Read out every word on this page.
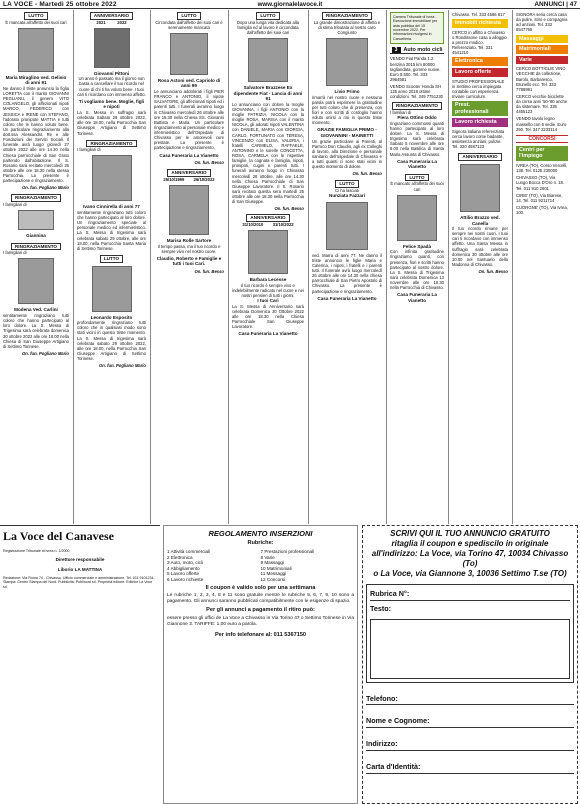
LA VOCE - Martedì 25 ottobre 2022	www.giornalelavoce.it	ANNUNCI | 47
LUTTO
È mancata all'affetto dei suoi cari
Maria Miraglino ved. Gelisio di anni 91
Ne danno il triste annuncio la figlia LORETTA con il marito GIOVANNI PEGLIANU, il genero VITO COLANGELO, gli affezionati nipoti MARCO, FEDERICO con JESSICA e IRENE con STEFANO, l'adorato pronipote MATTIA e tutti coloro che le hanno voluto bene. Un particolare ringraziamento alla dott.ssa Alessandra Re e alle Fondazioni dei Servizi Sociali. Il funerale avrà luogo giovedì 27 ottobre 2022 alle ore 14.30 nella Chiesa parrocchiale di San Grato partendo dall'abitazione. Il S. Rosario sarà recitato mercoledì 26 ottobre alle ore 18.30 nella stessa Parrocchia. La presente è partecipazione e ringraziamento.
On. fun. Pogliano Mario
RINGRAZIAMENTO
I famigliari di
Giannina
RINGRAZIAMENTO
I famigliari di
Modena Ved. Carlini
sentitamente ringraziano tutti coloro che hanno partecipato al loro dolore. La S. Messa di Trigesima sarà celebrata domenica 30 ottobre 2022 alle ore 18.00 nella Chiesa di San Giuseppe Artigiano di Settimo Torinese.
On. fun. Pogliano Mario
ANNIVERSARIO
2021          2022
Giovanni Pittoni
Un anno è passato ma il giorno non basta a cancellare il tuo ricordo nel cuore di chi ti ha voluto bene. I tuoi cari ti ricordano con immenso affetto.
Ti vogliamo bene. Moglie, figli e nipoti
La S. Messa in suffragio sarà celebrata Sabato 29 ottobre 2022, alle ore 18.00, nella Parrocchia San Giuseppe Artigiano di Settimo Torinese.
RINGRAZIAMENTO
I famigliari di
Ivano Cinnirella di anni 77
sentitamente ringraziano tutti coloro che hanno partecipato al loro dolore. Un ringraziamento speciale al personale medico ed infermieristico. La S. Messa di trigesima sarà celebrata sabato 29 ottobre, alle ore 18.00, nella Parrocchia Santa Maria di Settimo Torinese.
LUTTO
Leonardo Esposito
profondamente ringraziano tutti coloro che in qualsiasi modo sono stati vicini in questo triste momento. La S. Messa di trigesima sarà celebrata sabato 29 ottobre 2022, alle ore 18.00, nella Parrocchia San Giuseppe Artigiano di Settimo Torinese.
On. fun. Pogliano Mario
LUTTO
Circondata dall'affetto dei suoi cari è serenamente mancata
Rosa Actoni ved. Capriolo di anni 99
Le annunciano addolorati i figli PIER FRANCO e ANTONIO, il nipote SALVATORE, gli affezionati nipoti ed i parenti tutti. I funerali avranno luogo in Chivasso mercoledì 26 ottobre alle ore 15.30 nella Chiesa SS. Giovanni Battista e Maria. Un particolare ringraziamento al personale medico e infermieristico dell'Ospedale di Chivasso per le amorevoli cure prestate. La presente è partecipazione e ringraziamento.
Casa Funeraria La Vianetto
On. fun. Besso
ANNIVERSARIO
26/10/1999        26/10/2022
Marisa Rolle Sartore
Il tempo passa, ma il tuo ricordo e sempre vivo nel nostro cuore.
Claudio, Roberto e Famiglie e tutti i tuoi Cari.
On. fun. Besso
LUTTO
Dopo una lunga vita dedicata alla famiglia ed al lavoro è circondata dall'affetto dei suoi cari
Salvatore Brazzese Ex dipendente Fiat - Lancia di anni 91
Lo annunciano con dolore la moglie GIOVANNA, i figli ANTONIO con la moglie PATRIZIA, NICOLA con la moglie ROSA, MARISA con il marito NICOLA, gli adorati nipoti VALENTINA con DANIELE, MARIA con GIORGIA, CARLO, FORTUNATO con TERESA, VINCENZO con ELISA, VALERIA, i fratelli CARMELO, RAFFAELE, ANTONINO e le sorelle CONCETTA, ROSA, CARMELA con le rispettive famiglie, la cognata e famiglia, nipoti, pronipoti, cugini e parenti tutti. I funerali avranno luogo in Chivasso mercoledì 26 ottobre, alle ore 14.30 nella Chiesa Parrocchiale di San Giuseppe Lavoratore. Il S. Rosario sarà recitato questa sera martedì 25 ottobre alle ore 18.30 nella Parrocchia di San Giuseppe.
On. fun. Besso
ANNIVERSARIO
31/10/2010        31/10/2022
Barbara Lecesse
Il tuo ricordo è sempre vivo e indelebilmente radicato nel cuore e nei nostri pensieri di tutti i giorni.
I tuoi Cari
La S. Messa di Anniversario sarà celebrata Domenica 30 Ottobre 2022 alle ore 18.30 nella Chiesa Parrocchiale San Giuseppe Lavoratore.
Casa Funeraria La Vianetto
RINGRAZIAMENTO
La grande dimostrazione di affetto e di stima tributata al nostro caro Congiunto
Livio Primo
rimarrà nel nostro cuore e nessuna parola potrà esprimere la gratitudine per tutti coloro che di presenza, con fiori e con scritti di cordoglio hanno voluto unirsi a noi in questo triste momento.
GRAZIE FAMIGLIA PRIMO - GIOVANNINI - MAINETTI
Un grazie particolare ai Parenti, al Parroco Don Claudio, agli ex Colleghi di lavoro, alla Direzione e personale sanitario dell'ospedale di Chivasso e a tutti quanti ci sono stati vicini in questo momento di dolore.
On. fun. Besso
LUTTO
Ci ha lasciati
Nunziata Fazzari
ved. Marra di anni 77. Ne danno il triste annuncio le figlie Maria e Caterina, i nipoti, i fratelli e i parenti tutti. Il funerale avrà luogo mercoledì 26 ottobre alle ore 14.30 nella chiesa parrocchiale di San Pietro Apostolo di Chivasso. La presente è partecipazione e ringraziamento.
Casa Funeraria La Vianetto
Camera Tribunale di Ivrea - Esecuzione immobiliare per asta pubblica del 15 novembre 2022. Per informazioni rivolgersi in Cancelleria.
3 Auto moto cicli
VENDO Fiat Panda 1.2 benzina 2015 km 80000 tagliandata, gomme nuove. Euro 5.500. Tel. 333 2964581
VENDO Scooter Honda SH 125 anno 2018 ottime condizioni. Tel. 349 7751230
RINGRAZIAMENTO
I familiari di
Piera Ottino Oddo
ringraziano commossi quanti hanno partecipato al loro dolore. La S. Messa di trigesima sarà celebrata Sabato 5 novembre alle ore 9.00 nella Basilica di Santa Maria Assunta di Chivasso.
Casa Funeraria La Vianetto
LUTTO
È mancato all'affetto dei suoi cari
Felice Spadà
Con infinita gratitudine ringraziamo quanti, con presenza, fiori e scritti hanno partecipato al nostro dolore. La S. Messa di Trigesima sarà celebrata Domenica 13 novembre alle ore 10.30 nella Parrocchia di Chivasso.
Casa Funeraria La Vianetto
Chivasso. Tel. 333 4566 817
Immobili richiesta
CERCO in affitto a Chivasso o Rondissone casa o alloggio a prezzo modico. Referenziato. Tel. 331 4541210
Elettronica
Lavoro offerte
STUDIO PROFESSIONALE in Settimo cerca impiegata contabile con esperienza. Inviare curriculum.
Prest. professionali
Lavoro richiesta
Signora italiana referenziata cerca lavoro come badante, assistenza anziani, pulizie. Tel. 320 4587123
ANNIVERSARIO
Attilio Brazzo ved. Canella
Il tuo ricordo rimane per sempre nei nostri cuori. I tuoi cari ti ricordano con immenso affetto. Una Santa Messa in suffragio sarà celebrata domenica 30 ottobre alle ore 10.00 nel Santuario della Madonna di Chivasso.
On. fun. Besso
SIGNORA seria cerca casa da pulire, stiro e compagnia ad anziani. Tel. 333 6547765
Massaggi
Matrimoniali
Varie
CERCO BOTTIGLIE VINO VECCHIE da collezione, Barolo, Barbaresco, Brunello ecc. Tel. 333 7788991
CERCO vecchie biciclette da corsa anni '50-'80 anche da sistemare. Tel. 335 4455123
VENDO tavolo legno massello con 6 sedie. Euro 250. Tel. 347 2233114
CONCORSI
Centri per l'impiego
IVREA (TO), Corso Vercelli, 138. Tel. 0125 230000
CHIVASSO (TO), Via Lungo Bocca D'Oro n. 18. Tel. 011 910 2601
CIRIE' (TO), Via Biarese, 14. Tel. 011 9211714
CUORGNE' (TO), Via Ivrea, 100.
La Voce del Canavese
Registrazione Tribunale di Ivrea n. 1/2000
Direttore responsabile
Liborio LA MATTINA
Redazione: Via Roma 74 - Chivasso. Ufficio commerciale e amministrazione. Tel. 011 9101234. Stampa: Centro Stampa del Nord. Pubblicità: Publinord srl. Proprietà editore: Editrice La Voce srl.
REGOLAMENTO INSERZIONI
Rubriche:
1 Attività commerciali	7 Prestazioni professionali
2 Elettronica	8 Varie
3 Auto, moto, cicli	9 Massaggi
4 Abbigliamento	10 Matrimoniali
5 Lavoro offerte	11 Messaggi
6 Lavoro richieste	12 Concorsi
Il coupon è valido solo per una settimana
Le rubriche 1, 2, 3, 4, 8 e 11 sono gratuite mentre le rubriche 5, 6, 7, 9, 10 sono a pagamento. Gli annunci saranno pubblicati compatibilmente con le esigenze di spazio.
Per gli annunci a pagamento il ritiro può:
essere presso gli uffici de La Voce a Chivasso in Via Torino 47 o Settimo Torinese in Via Giannone 3. TARIFFE: 1,00 euro a parola.
Per info telefonare al: 011 5367150
SCRIVI QUI IL TUO ANNUNCIO GRATUITO
ritaglia il coupon e spediscilo in originale
all'indirizzo: La Voce, via Torino 47, 10034 Chivasso (To)
o La Voce, via Giannone 3, 10036 Settimo T.se (TO)
Rubrica N°:
Testo:
Telefono:
Nome e Cognome:
Indirizzo:
Carta d'Identità:
